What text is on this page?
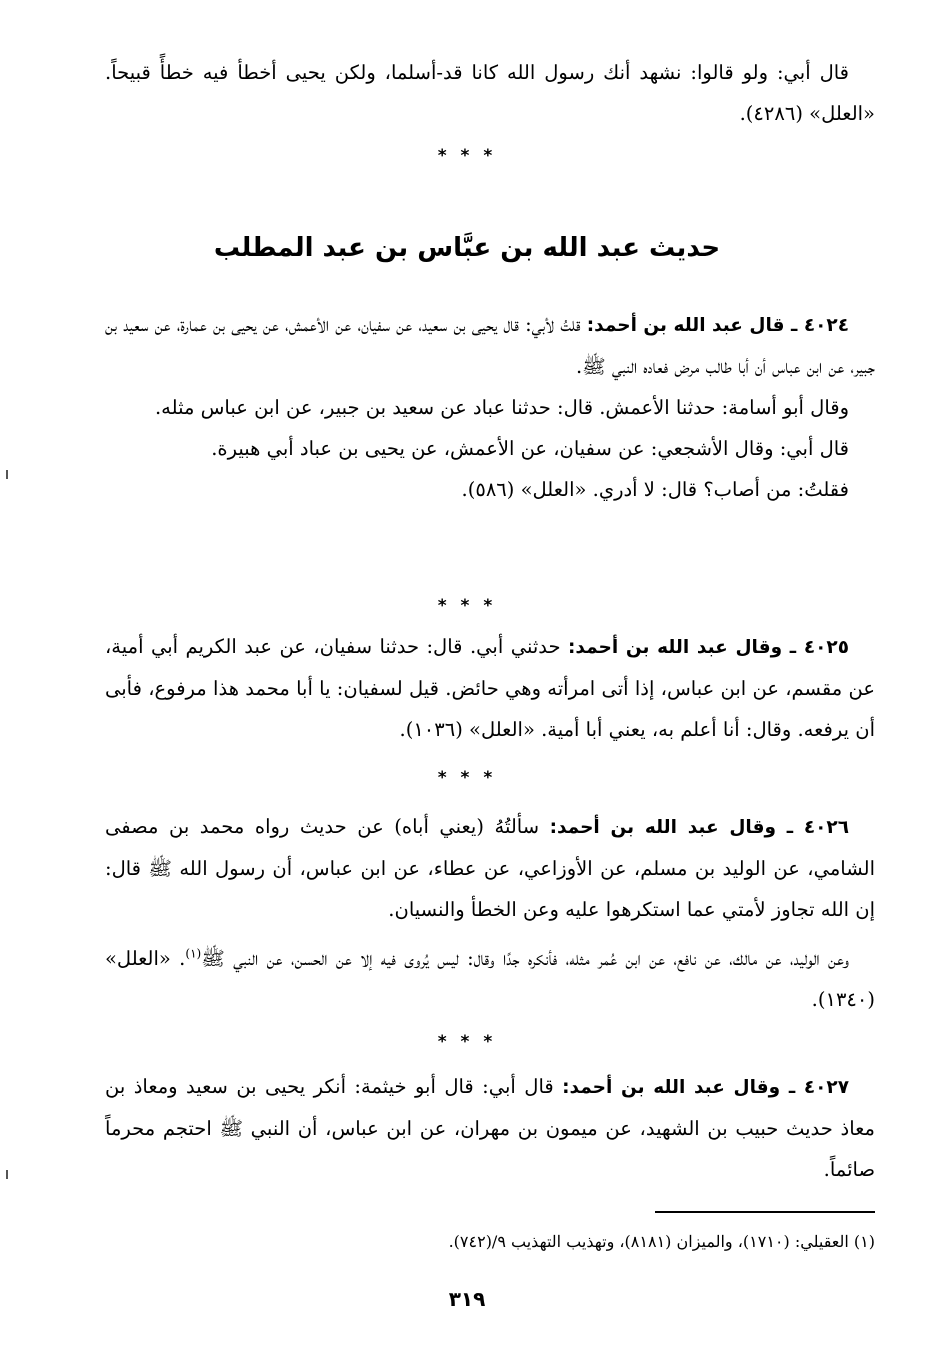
قال أبي: ولو قالوا: نشهد أنك رسول الله كانا قد-أسلما، ولكن يحيى أخطأ فيه خطأً قبيحاً. «العلل» (٤٢٨٦).

* * *
حديث عبد الله بن عبَّاس بن عبد المطلب

٤٠٢٤ ـ قال عبد الله بن أحمد: قلتُ لأبي: قال يحيى بن سعيد، عن سفيان، عن الأعمش، عن يحيى بن عمارة، عن سعيد بن جبير، عن ابن عباس أن أبا طالب مرض فعاده النبي ﷺ.

وقال أبو أسامة: حدثنا الأعمش. قال: حدثنا عباد عن سعيد بن جبير، عن ابن عباس مثله.

قال أبي: وقال الأشجعي: عن سفيان، عن الأعمش، عن يحيى بن عباد أبي هبيرة.

فقلتُ: من أصاب؟ قال: لا أدري. «العلل» (٥٨٦).

* * *

٤٠٢٥ ـ وقال عبد الله بن أحمد: حدثني أبي. قال: حدثنا سفيان، عن عبد الكريم أبي أمية، عن مقسم، عن ابن عباس، إذا أتى امرأته وهي حائض. قيل لسفيان: يا أبا محمد هذا مرفوع، فأبى أن يرفعه. وقال: أنا أعلم به، يعني أبا أمية. «العلل» (١٠٣٦).

* * *

٤٠٢٦ ـ وقال عبد الله بن أحمد: سألتُهُ (يعني أباه) عن حديث رواه محمد بن مصفى الشامي، عن الوليد بن مسلم، عن الأوزاعي، عن عطاء، عن ابن عباس، أن رسول الله ﷺ قال: إن الله تجاوز لأمتي عما استكرهوا عليه وعن الخطأ والنسيان.

وعن الوليد، عن مالك، عن نافع، عن ابن عُمر مثله، فأنكره جدًا وقال: ليس يُروى فيه إلا عن الحسن، عن النبي ﷺ$^{(١)}$. «العلل» (١٣٤٠).

* * *

٤٠٢٧ ـ وقال عبد الله بن أحمد: قال أبي: قال أبو خيثمة: أنكر يحيى بن سعيد ومعاذ بن معاذ حديث حبيب بن الشهيد، عن ميمون بن مهران، عن ابن عباس، أن النبي ﷺ احتجم محرماً صائماً.

(١) العقيلي: (١٧١٠)، والميزان (٨١٨١)، وتهذيب التهذيب ٩/(٧٤٢).
٣١٩
